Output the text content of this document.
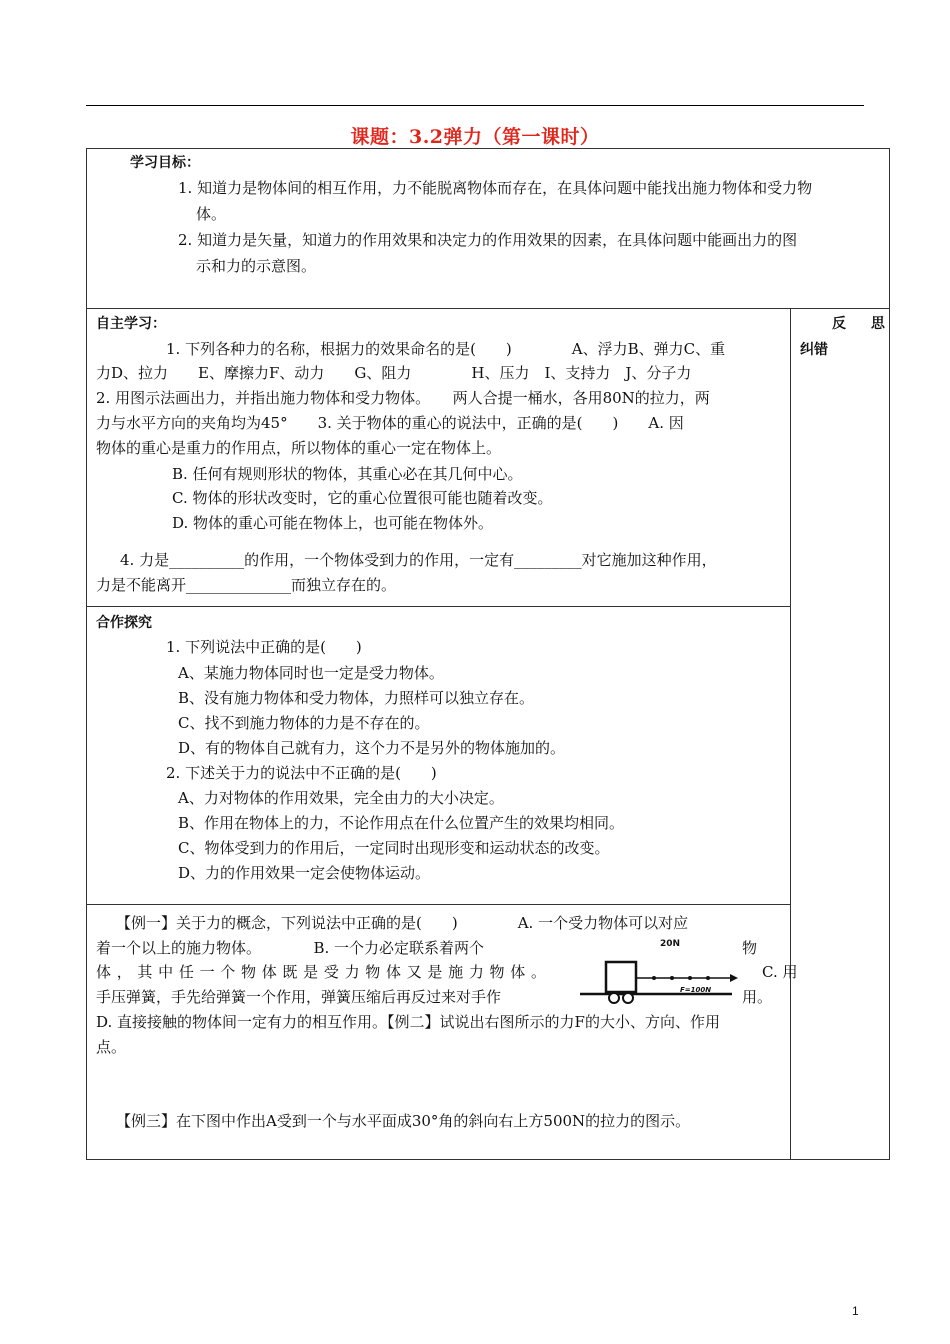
课题：3.2弹力（第一课时）
学习目标：
1. 知道力是物体间的相互作用，力不能脱离物体而存在，在具体问题中能找出施力物体和受力物
体。
2. 知道力是矢量，知道力的作用效果和决定力的作用效果的因素，在具体问题中能画出力的图
示和力的示意图。
自主学习：	反 思
纠错
1. 下列各种力的名称，根据力的效果命名的是(　　)　　　　A、浮力B、弹力C、重
力D、拉力　　E、摩擦力F、动力　　G、阻力　　　　H、压力　I、支持力　J、分子力
2. 用图示法画出力，并指出施力物体和受力物体。　　两人合提一桶水，各用80N的拉力，两
力与水平方向的夹角均为45°　　3. 关于物体的重心的说法中，正确的是(　　)　　A. 因
物体的重心是重力的作用点，所以物体的重心一定在物体上。
B. 任何有规则形状的物体，其重心必在其几何中心。
C. 物体的形状改变时，它的重心位置很可能也随着改变。
D. 物体的重心可能在物体上，也可能在物体外。
4. 力是__________的作用，一个物体受到力的作用，一定有_________对它施加这种作用，
力是不能离开______________而独立存在的。
合作探究
1. 下列说法中正确的是(　　)
A、某施力物体同时也一定是受力物体。
B、没有施力物体和受力物体，力照样可以独立存在。
C、找不到施力物体的力是不存在的。
D、有的物体自己就有力，这个力不是另外的物体施加的。
2. 下述关于力的说法中不正确的是(　　)
A、力对物体的作用效果，完全由力的大小决定。
B、作用在物体上的力，不论作用点在什么位置产生的效果均相同。
C、物体受到力的作用后，一定同时出现形变和运动状态的改变。
D、力的作用效果一定会使物体运动。
【例一】关于力的概念，下列说法中正确的是(　　)　　　　A. 一个受力物体可以对应
着一个以上的施力物体。　　　　B. 一个力必定联系着两个	物
体，其中任一个物体既是受力物体又是施力物体。	C. 用
手压弹簧，手先给弹簧一个作用，弹簧压缩后再反过来对手作	用。
D. 直接接触的物体间一定有力的相互作用。【例二】试说出右图所示的力F的大小、方向、作用
点。
【例三】在下图中作出A受到一个与水平面成30°角的斜向右上方500N的拉力的图示。
20N
F=100N
1
